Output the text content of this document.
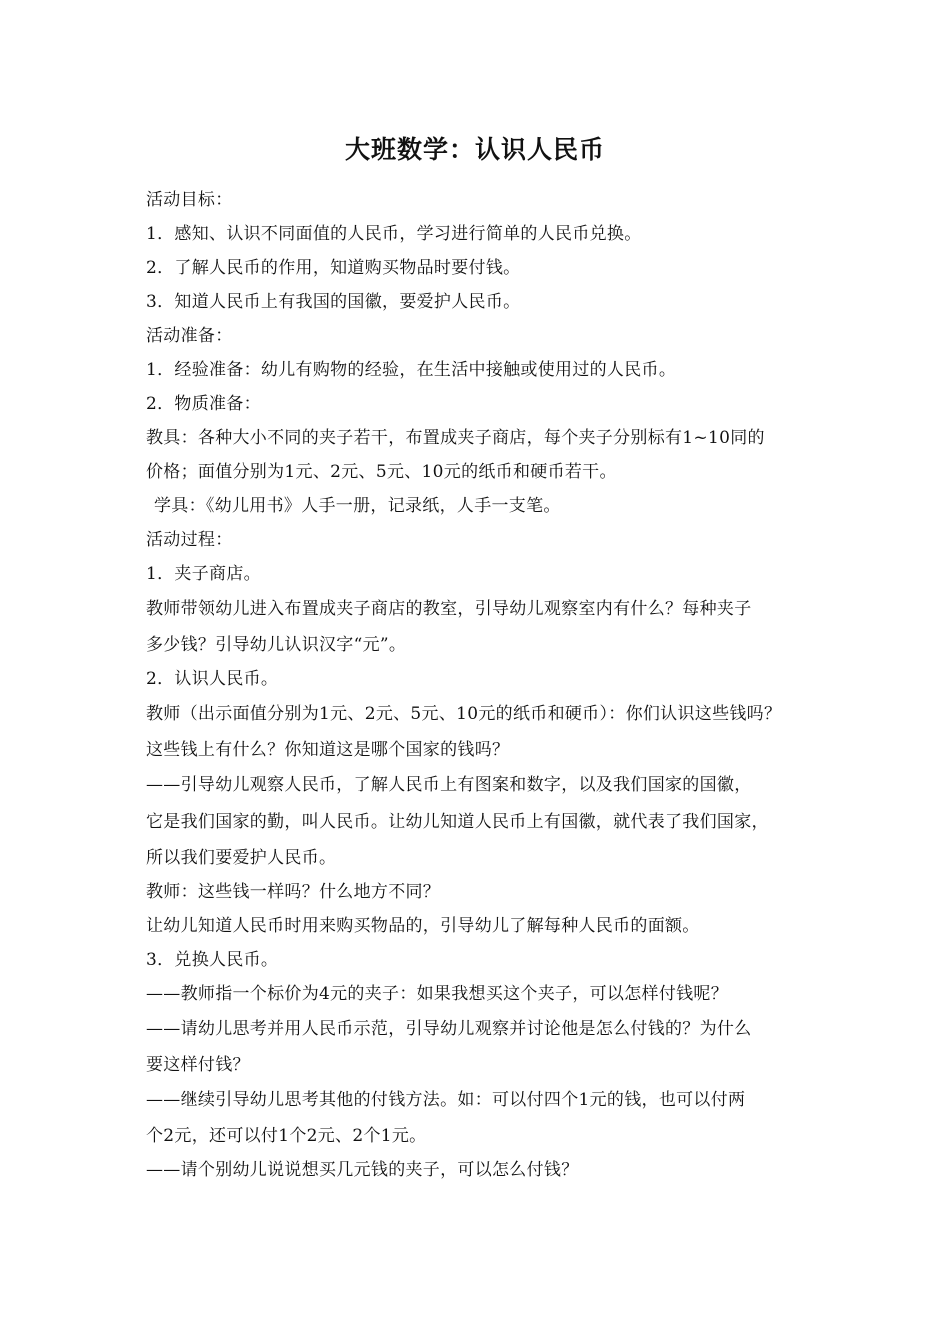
大班数学：认识人民币
活动目标：
1．感知、认识不同面值的人民币，学习进行简单的人民币兑换。
2．了解人民币的作用，知道购买物品时要付钱。
3．知道人民币上有我国的国徽，要爱护人民币。
活动准备：
1．经验准备：幼儿有购物的经验，在生活中接触或使用过的人民币。
2．物质准备：
教具：各种大小不同的夹子若干，布置成夹子商店，每个夹子分别标有1~10同的
价格；面值分别为1元、2元、5元、10元的纸币和硬币若干。
学具：《幼儿用书》人手一册，记录纸，人手一支笔。
活动过程：
1．夹子商店。
教师带领幼儿进入布置成夹子商店的教室，引导幼儿观察室内有什么？每种夹子
多少钱？引导幼儿认识汉字“元”。
2．认识人民币。
教师（出示面值分别为1元、2元、5元、10元的纸币和硬币）：你们认识这些钱吗？
这些钱上有什么？你知道这是哪个国家的钱吗？
——引导幼儿观察人民币，了解人民币上有图案和数字，以及我们国家的国徽，
它是我们国家的勤，叫人民币。让幼儿知道人民币上有国徽，就代表了我们国家，
所以我们要爱护人民币。
教师：这些钱一样吗？什么地方不同？
让幼儿知道人民币时用来购买物品的，引导幼儿了解每种人民币的面额。
3．兑换人民币。
——教师指一个标价为4元的夹子：如果我想买这个夹子，可以怎样付钱呢？
——请幼儿思考并用人民币示范，引导幼儿观察并讨论他是怎么付钱的？为什么
要这样付钱？
——继续引导幼儿思考其他的付钱方法。如：可以付四个1元的钱，也可以付两
个2元，还可以付1个2元、2个1元。
——请个别幼儿说说想买几元钱的夹子，可以怎么付钱？
